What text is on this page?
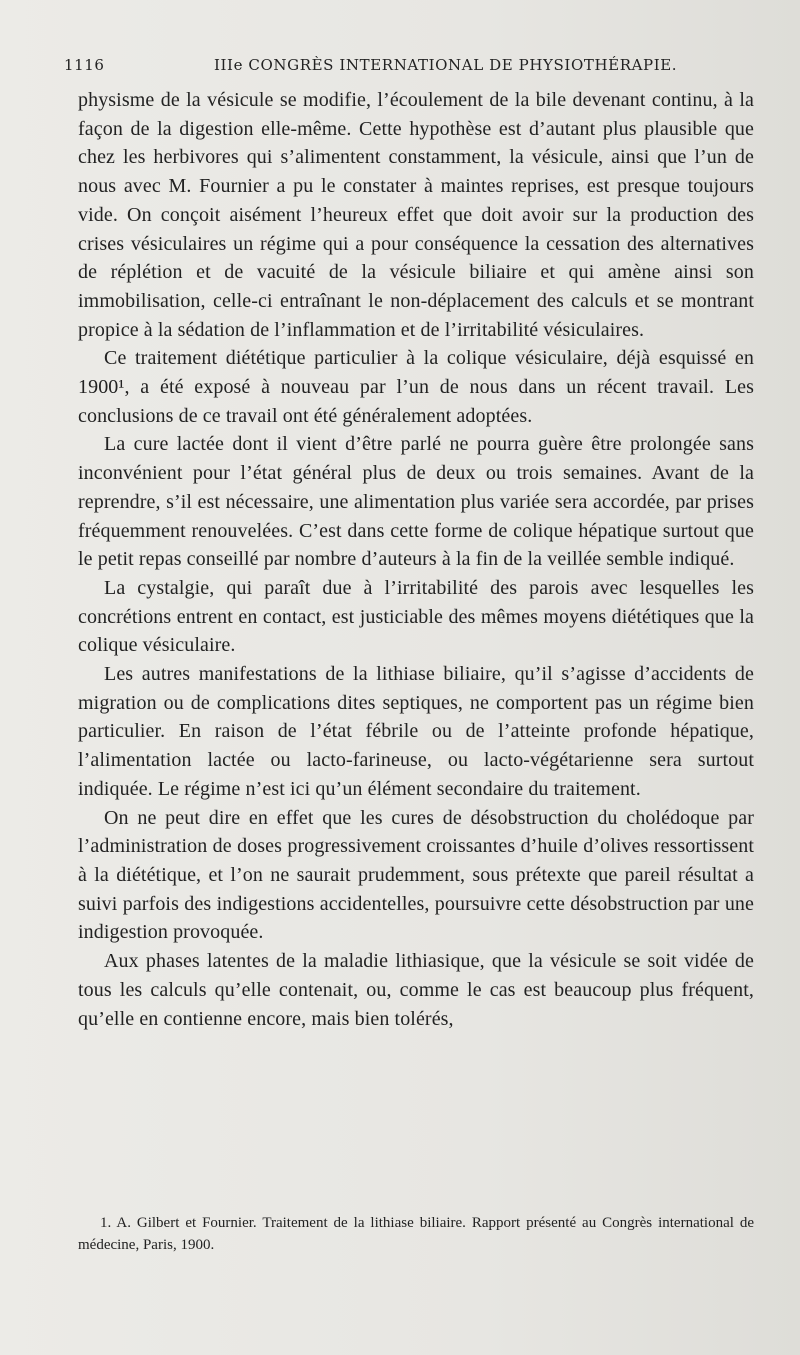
1116	IIIe CONGRÈS INTERNATIONAL DE PHYSIOTHÉRAPIE.

physisme de la vésicule se modifie, l’écoulement de la bile devenant continu, à la façon de la digestion elle-même. Cette hypothèse est d’autant plus plausible que chez les herbivores qui s’alimentent constamment, la vésicule, ainsi que l’un de nous avec M. Fournier a pu le constater à maintes reprises, est presque toujours vide. On conçoit aisément l’heureux effet que doit avoir sur la production des crises vésiculaires un régime qui a pour conséquence la cessation des alternatives de réplétion et de vacuité de la vésicule biliaire et qui amène ainsi son immobilisation, celle-ci entraînant le non-déplacement des calculs et se montrant propice à la sédation de l’inflammation et de l’irritabilité vésiculaires.

Ce traitement diététique particulier à la colique vésiculaire, déjà esquissé en 1900¹, a été exposé à nouveau par l’un de nous dans un récent travail. Les conclusions de ce travail ont été généralement adoptées.

La cure lactée dont il vient d’être parlé ne pourra guère être prolongée sans inconvénient pour l’état général plus de deux ou trois semaines. Avant de la reprendre, s’il est nécessaire, une alimentation plus variée sera accordée, par prises fréquemment renouvelées. C’est dans cette forme de colique hépatique surtout que le petit repas conseillé par nombre d’auteurs à la fin de la veillée semble indiqué.

La cystalgie, qui paraît due à l’irritabilité des parois avec lesquelles les concrétions entrent en contact, est justiciable des mêmes moyens diététiques que la colique vésiculaire.

Les autres manifestations de la lithiase biliaire, qu’il s’agisse d’accidents de migration ou de complications dites septiques, ne comportent pas un régime bien particulier. En raison de l’état fébrile ou de l’atteinte profonde hépatique, l’alimentation lactée ou lacto-farineuse, ou lacto-végétarienne sera surtout indiquée. Le régime n’est ici qu’un élément secondaire du traitement.

On ne peut dire en effet que les cures de désobstruction du cholédoque par l’administration de doses progressivement croissantes d’huile d’olives ressortissent à la diététique, et l’on ne saurait prudemment, sous prétexte que pareil résultat a suivi parfois des indigestions accidentelles, poursuivre cette désobstruction par une indigestion provoquée.

Aux phases latentes de la maladie lithiasique, que la vésicule se soit vidée de tous les calculs qu’elle contenait, ou, comme le cas est beaucoup plus fréquent, qu’elle en contienne encore, mais bien tolérés,

1. A. Gilbert et Fournier. Traitement de la lithiase biliaire. Rapport présenté au Congrès international de médecine, Paris, 1900.
